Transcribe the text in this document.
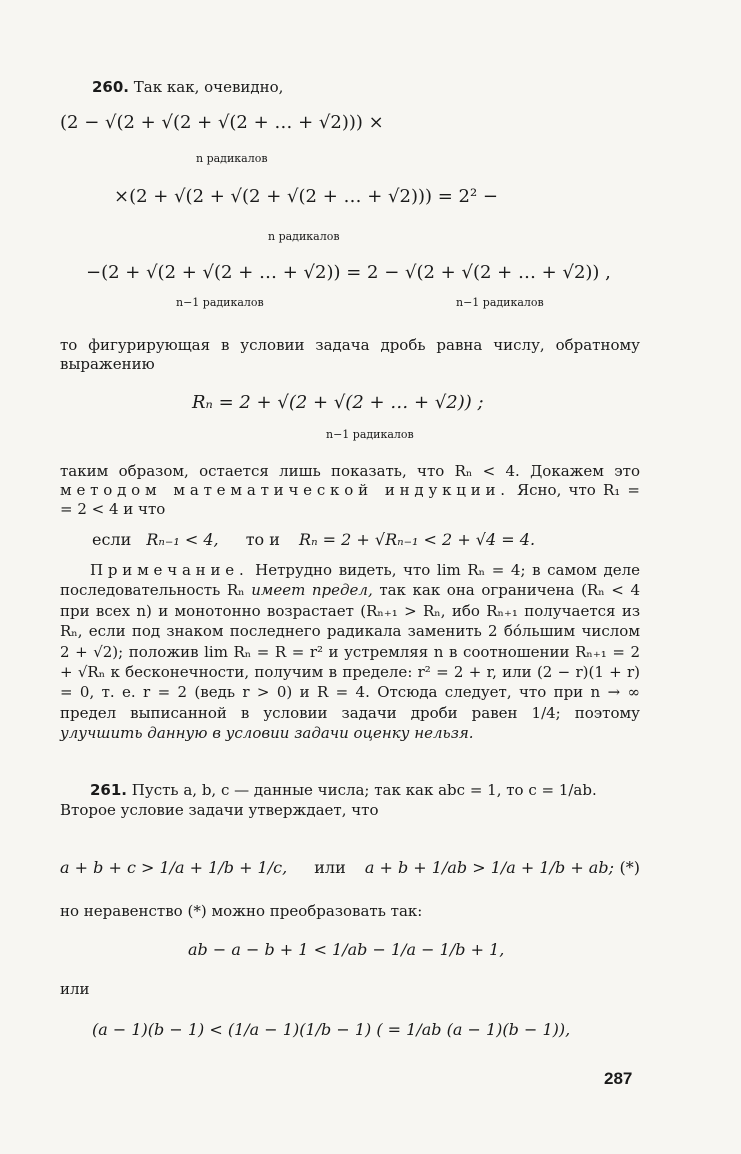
260. Так как, очевидно,
(2 − √(2 + √(2 + √(2 + … + √2))) ×
n радикалов
×(2 + √(2 + √(2 + √(2 + … + √2))) = 2² −
n радикалов
−(2 + √(2 + √(2 + … + √2)) = 2 − √(2 + √(2 + … + √2)) ,
n−1 радикалов	n−1 радикалов
то фигурирующая в условии задача дробь равна числу, обратному выражению
Rₙ = 2 + √(2 + √(2 + … + √2)) ;
n−1 радикалов
таким образом, остается лишь показать, что Rₙ < 4. Докажем это методом математической индукции. Ясно, что R₁ = = 2 < 4 и что
если Rₙ₋₁ < 4, то и Rₙ = 2 + √Rₙ₋₁ < 2 + √4 = 4.
Примечание. Нетрудно видеть, что lim Rₙ = 4; в самом деле последовательность Rₙ имеет предел, так как она ограничена (Rₙ < 4 при всех n) и монотонно возрастает (Rₙ₊₁ > Rₙ, ибо Rₙ₊₁ получается из Rₙ, если под знаком последнего радикала заменить 2 бо́льшим числом 2 + √2); положив lim Rₙ = R = r² и устремляя n в соотношении Rₙ₊₁ = 2 + √Rₙ к бесконечности, получим в пределе: r² = 2 + r, или (2 − r)(1 + r) = 0, т. е. r = 2 (ведь r > 0) и R = 4. Отсюда следует, что при n → ∞ предел выписанной в условии задачи дроби равен 1/4; поэтому улучшить данную в условии задачи оценку нельзя.
261. Пусть a, b, c — данные числа; так как abc = 1, то c = 1/ab.
Второе условие задачи утверждает, что
a + b + c > 1/a + 1/b + 1/c, или a + b + 1/ab > 1/a + 1/b + ab; (*)
но неравенство (*) можно преобразовать так:
ab − a − b + 1 < 1/ab − 1/a − 1/b + 1,
или
(a − 1)(b − 1) < (1/a − 1)(1/b − 1) ( = 1/ab (a − 1)(b − 1)),
287
